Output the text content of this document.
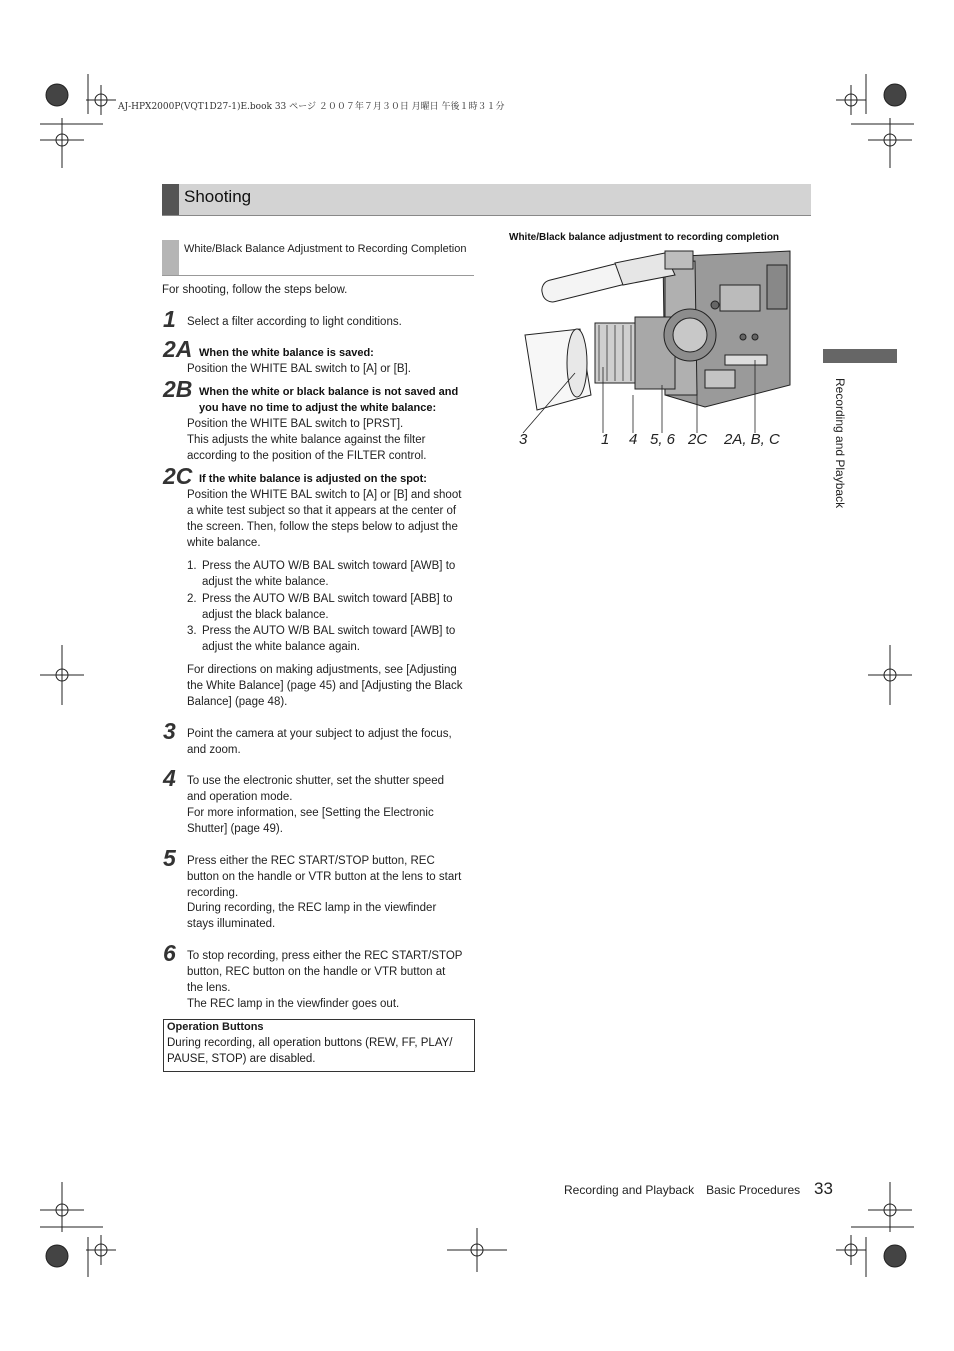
AJ-HPX2000P(VQT1D27-1)E.book 33 ページ ２００７年７月３０日 月曜日 午後１時３１分
Shooting
White/Black Balance Adjustment to Recording Completion
For shooting, follow the steps below.
1 Select a filter according to light conditions.
2A When the white balance is saved:
Position the WHITE BAL switch to [A] or [B].
2B When the white or black balance is not saved and
you have no time to adjust the white balance:
Position the WHITE BAL switch to [PRST].
This adjusts the white balance against the filter
according to the position of the FILTER control.
2C If the white balance is adjusted on the spot:
Position the WHITE BAL switch to [A] or [B] and shoot
a white test subject so that it appears at the center of
the screen. Then, follow the steps below to adjust the
white balance.
1. Press the AUTO W/B BAL switch toward [AWB] to
adjust the white balance.
2. Press the AUTO W/B BAL switch toward [ABB] to
adjust the black balance.
3. Press the AUTO W/B BAL switch toward [AWB] to
adjust the white balance again.
For directions on making adjustments, see [Adjusting
the White Balance] (page 45) and [Adjusting the Black
Balance] (page 48).
3 Point the camera at your subject to adjust the focus,
and zoom.
4 To use the electronic shutter, set the shutter speed
and operation mode.
For more information, see [Setting the Electronic
Shutter] (page 49).
5 Press either the REC START/STOP button, REC
button on the handle or VTR button at the lens to start
recording.
During recording, the REC lamp in the viewfinder
stays illuminated.
6 To stop recording, press either the REC START/STOP
button, REC button on the handle or VTR button at
the lens.
The REC lamp in the viewfinder goes out.
Operation Buttons
During recording, all operation buttons (REW, FF, PLAY/
PAUSE, STOP) are disabled.
White/Black balance adjustment to recording completion
3	1 4 5, 6 2C 2A, B, C	Recording and Playback
Recording and Playback Basic Procedures 33
